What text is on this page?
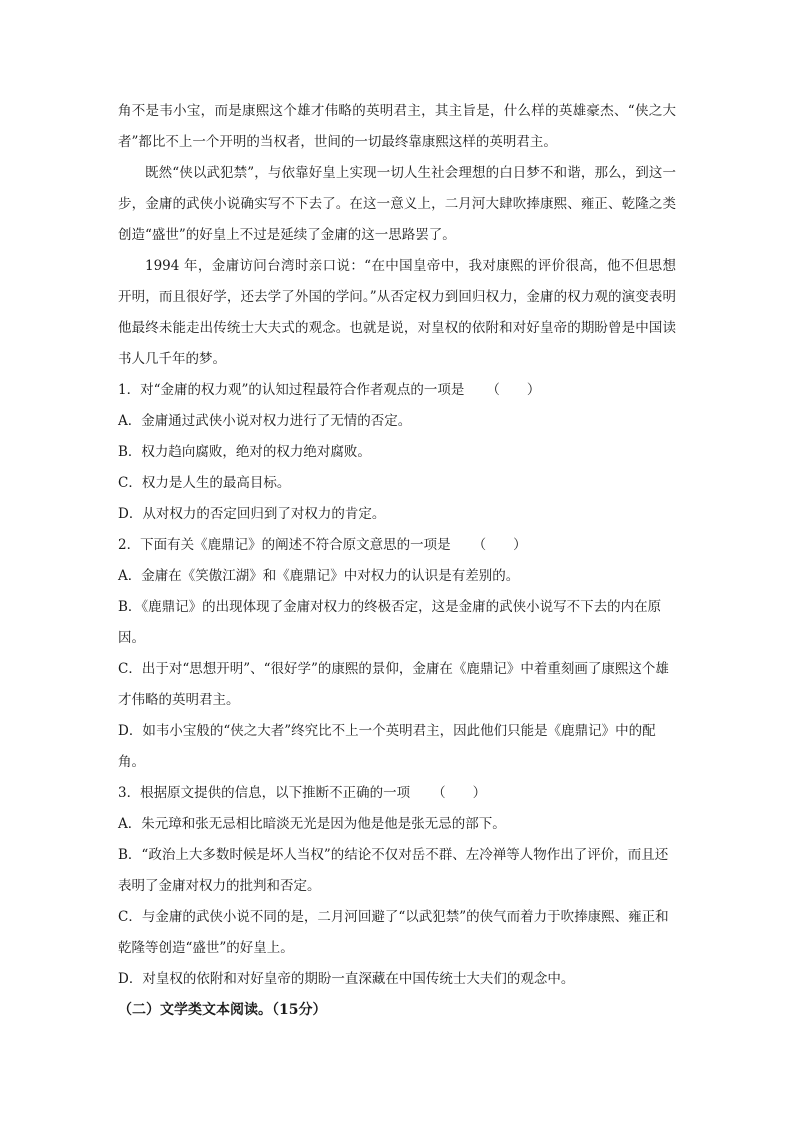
角不是韦小宝，而是康熙这个雄才伟略的英明君主，其主旨是，什么样的英雄豪杰、“侠之大者”都比不上一个开明的当权者，世间的一切最终靠康熙这样的英明君主。

既然“侠以武犯禁”，与依靠好皇上实现一切人生社会理想的白日梦不和谐，那么，到这一步，金庸的武侠小说确实写不下去了。在这一意义上，二月河大肆吹捧康熙、雍正、乾隆之类创造“盛世”的好皇上不过是延续了金庸的这一思路罢了。

1994 年，金庸访问台湾时亲口说：“在中国皇帝中，我对康熙的评价很高，他不但思想开明，而且很好学，还去学了外国的学问。”从否定权力到回归权力，金庸的权力观的演变表明他最终未能走出传统士大夫式的观念。也就是说，对皇权的依附和对好皇帝的期盼曾是中国读书人几千年的梦。

1．对“金庸的权力观”的认知过程最符合作者观点的一项是 （　　）

A．金庸通过武侠小说对权力进行了无情的否定。

B．权力趋向腐败，绝对的权力绝对腐败。

C．权力是人生的最高目标。

D．从对权力的否定回归到了对权力的肯定。

2．下面有关《鹿鼎记》的阐述不符合原文意思的一项是 （　　）

A．金庸在《笑傲江湖》和《鹿鼎记》中对权力的认识是有差别的。

B．《鹿鼎记》的出现体现了金庸对权力的终极否定，这是金庸的武侠小说写不下去的内在原因。

C．出于对“思想开明”、“很好学”的康熙的景仰，金庸在《鹿鼎记》中着重刻画了康熙这个雄才伟略的英明君主。

D．如韦小宝般的“侠之大者”终究比不上一个英明君主，因此他们只能是《鹿鼎记》中的配角。

3．根据原文提供的信息，以下推断不正确的一项 （　　）

A．朱元璋和张无忌相比暗淡无光是因为他是他是张无忌的部下。

B．“政治上大多数时候是坏人当权”的结论不仅对岳不群、左冷禅等人物作出了评价，而且还表明了金庸对权力的批判和否定。

C．与金庸的武侠小说不同的是，二月河回避了“以武犯禁”的侠气而着力于吹捧康熙、雍正和乾隆等创造“盛世”的好皇上。

D．对皇权的依附和对好皇帝的期盼一直深藏在中国传统士大夫们的观念中。

（二）文学类文本阅读。（15分）
